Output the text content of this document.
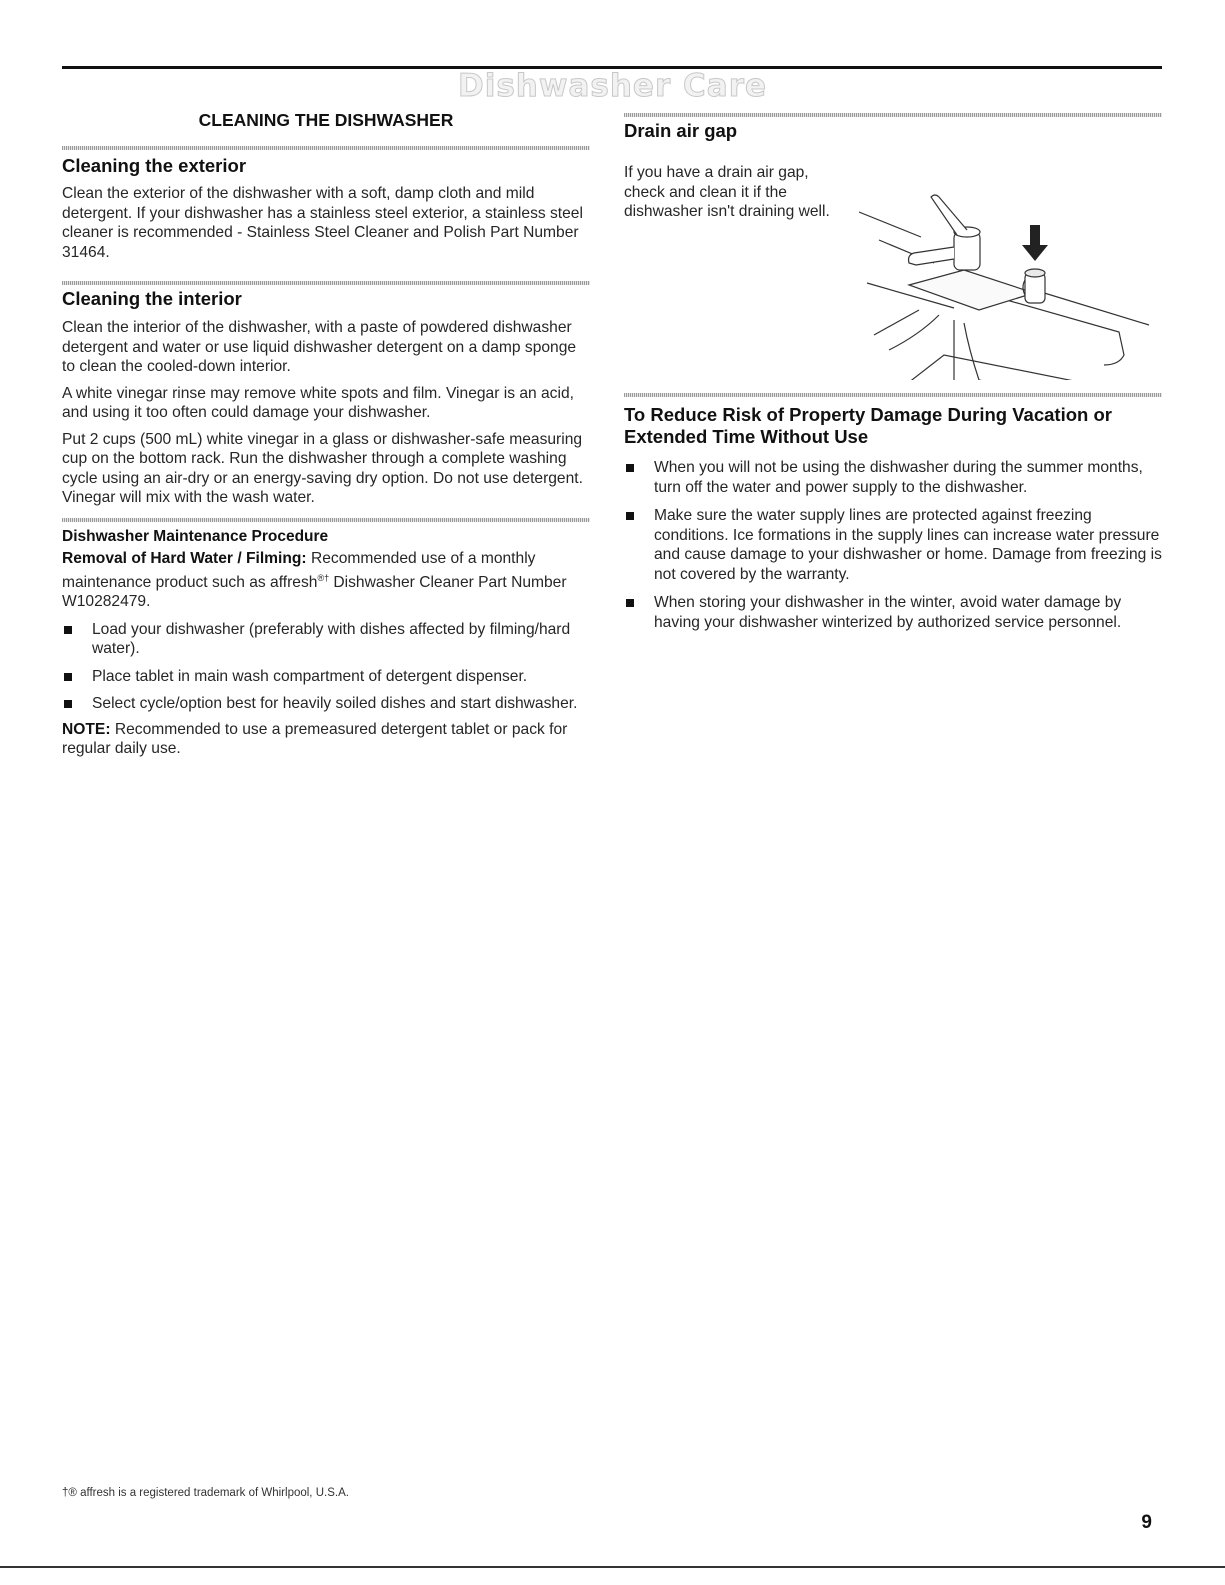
Dishwasher Care
CLEANING THE DISHWASHER
Cleaning the exterior

Clean the exterior of the dishwasher with a soft, damp cloth and mild detergent. If your dishwasher has a stainless steel exterior, a stainless steel cleaner is recommended - Stainless Steel Cleaner and Polish Part Number 31464.

Cleaning the interior

Clean the interior of the dishwasher, with a paste of powdered dishwasher detergent and water or use liquid dishwasher detergent on a damp sponge to clean the cooled-down interior.

A white vinegar rinse may remove white spots and film. Vinegar is an acid, and using it too often could damage your dishwasher.

Put 2 cups (500 mL) white vinegar in a glass or dishwasher-safe measuring cup on the bottom rack. Run the dishwasher through a complete washing cycle using an air-dry or an energy-saving dry option. Do not use detergent. Vinegar will mix with the wash water.

Dishwasher Maintenance Procedure

Removal of Hard Water / Filming: Recommended use of a monthly maintenance product such as affresh®† Dishwasher Cleaner Part Number W10282479.

Load your dishwasher (preferably with dishes affected by filming/hard water).
Place tablet in main wash compartment of detergent dispenser.
Select cycle/option best for heavily soiled dishes and start dishwasher.

NOTE: Recommended to use a premeasured detergent tablet or pack for regular daily use.

Drain air gap

If you have a drain air gap, check and clean it if the dishwasher isn't draining well.

To Reduce Risk of Property Damage During Vacation or Extended Time Without Use
When you will not be using the dishwasher during the summer months, turn off the water and power supply to the dishwasher.
Make sure the water supply lines are protected against freezing conditions. Ice formations in the supply lines can increase water pressure and cause damage to your dishwasher or home. Damage from freezing is not covered by the warranty.
When storing your dishwasher in the winter, avoid water damage by having your dishwasher winterized by authorized service personnel.
†® affresh is a registered trademark of Whirlpool, U.S.A.
9
